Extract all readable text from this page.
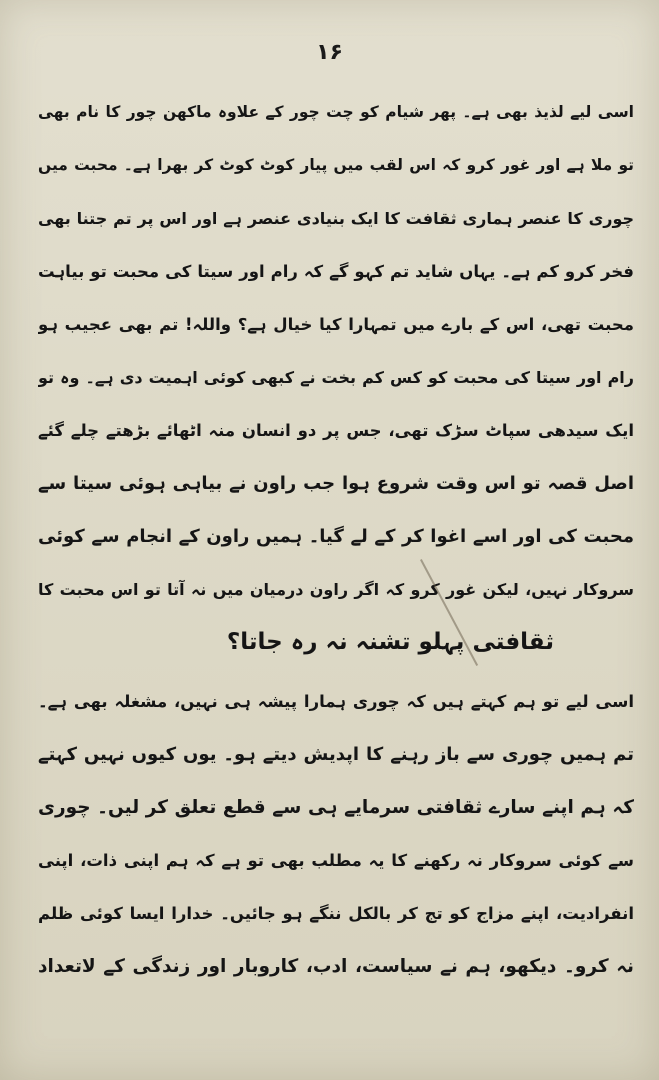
۱۶
اسی لیے لذیذ بھی ہے۔ پھر شیام کو چت چور کے علاوہ ماکھن چور کا نام بھی
تو ملا ہے اور غور کرو کہ اس لقب میں پیار کوٹ کوٹ کر بھرا ہے۔ محبت میں
چوری کا عنصر ہماری ثقافت کا ایک بنیادی عنصر ہے اور اس پر تم جتنا بھی
فخر کرو کم ہے۔ یہاں شاید تم کہو گے کہ رام اور سیتا کی محبت تو بیاہت
محبت تھی، اس کے بارے میں تمہارا کیا خیال ہے؟ واللہ! تم بھی عجیب ہو
رام اور سیتا کی محبت کو کس کم بخت نے کبھی کوئی اہمیت دی ہے۔ وہ تو
ایک سیدھی سپاٹ سڑک تھی، جس پر دو انسان منہ اٹھائے بڑھتے چلے گئے
اصل قصہ تو اس وقت شروع ہوا جب راون نے بیاہی ہوئی سیتا سے
محبت کی اور اسے اغوا کر کے لے گیا۔ ہمیں راون کے انجام سے کوئی
سروکار نہیں، لیکن غور کرو کہ اگر راون درمیان میں نہ آتا تو اس محبت کا
ثقافتی پہلو تشنہ نہ رہ جاتا؟
اسی لیے تو ہم کہتے ہیں کہ چوری ہمارا پیشہ ہی نہیں، مشغلہ بھی ہے۔
تم ہمیں چوری سے باز رہنے کا اپدیش دیتے ہو۔ یوں کیوں نہیں کہتے
کہ ہم اپنے سارے ثقافتی سرمایے ہی سے قطع تعلق کر لیں۔ چوری
سے کوئی سروکار نہ رکھنے کا یہ مطلب بھی تو ہے کہ ہم اپنی ذات، اپنی
انفرادیت، اپنے مزاج کو تج کر بالکل ننگے ہو جائیں۔ خدارا ایسا کوئی ظلم
نہ کرو۔ دیکھو، ہم نے سیاست، ادب، کاروبار اور زندگی کے لاتعداد
